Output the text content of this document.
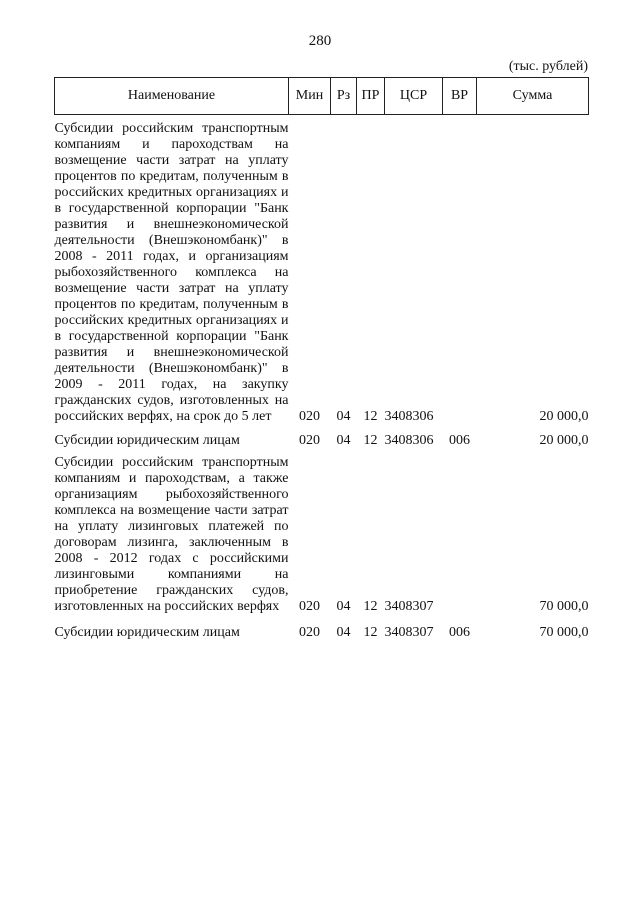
280
(тыс. рублей)
Наименование	Мин	Рз	ПР	ЦСР	ВР	Сумма

Субсидии российским транспортным компаниям и пароходствам на возмещение части затрат на уплату процентов по кредитам, полученным в российских кредитных организациях и в государственной корпорации "Банк развития и внешнеэкономической деятельности (Внешэкономбанк)" в 2008 - 2011 годах, и организациям рыбохозяйственного комплекса на возмещение части затрат на уплату процентов по кредитам, полученным в российских кредитных организациях и в государственной корпорации "Банк развития и внешнеэкономической деятельности (Внешэкономбанк)" в 2009 - 2011 годах, на закупку гражданских судов, изготовленных на российских верфях, на срок до 5 лет	020	04	12	3408306		20 000,0
Субсидии юридическим лицам	020	04	12	3408306	006	20 000,0

Субсидии российским транспортным компаниям и пароходствам, а также организациям рыбохозяйственного комплекса на возмещение части затрат на уплату лизинговых платежей по договорам лизинга, заключенным в 2008 - 2012 годах с российскими лизинговыми компаниями на приобретение гражданских судов, изготовленных на российских верфях	020	04	12	3408307		70 000,0
Субсидии юридическим лицам	020	04	12	3408307	006	70 000,0
